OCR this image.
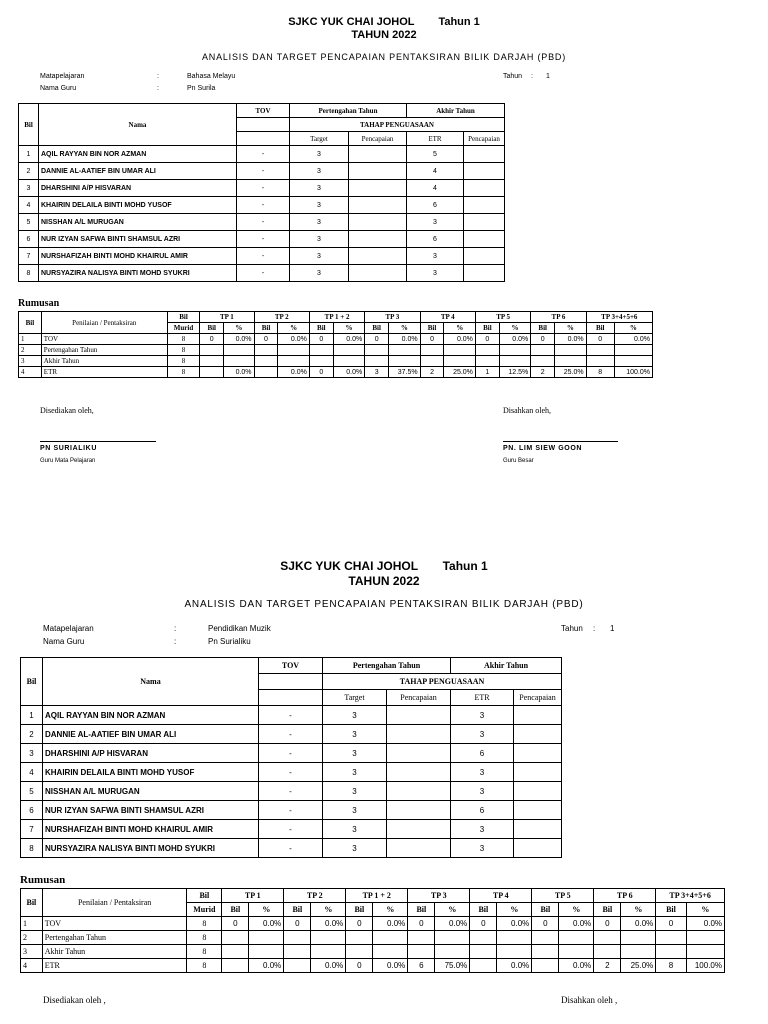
SJKC YUK CHAI JOHOL Tahun 1
TAHUN 2022
ANALISIS DAN TARGET PENCAPAIAN PENTAKSIRAN BILIK DARJAH (PBD)
Matapelajaran	:	Bahasa Melayu
Nama Guru	:	Pn Surila
Tahun : 1
Bil	Nama	TOV	Pertengahan Tahun		Akhir Tahun	
			TAHAP PENGUASAAN			
			Target	Pencapaian	ETR	Pencapaian
1	AQIL RAYYAN BIN NOR AZMAN	-	3		5	
2	DANNIE AL-AATIEF BIN UMAR ALI	-	3		4	
3	DHARSHINI A/P HISVARAN	-	3		4	
4	KHAIRIN DELAILA BINTI MOHD YUSOF	-	3		6	
5	NISSHAN A/L MURUGAN	-	3		3	
6	NUR IZYAN SAFWA BINTI SHAMSUL AZRI	-	3		6	
7	NURSHAFIZAH BINTI MOHD KHAIRUL AMIR	-	3		3	
8	NURSYAZIRA NALISYA BINTI MOHD SYUKRI	-	3		3	
Rumusan
Bil	Penilaian / Pentaksiran	Bil	TP 1		TP 2		TP 1 + 2		TP 3		TP 4		TP 5		TP 6		TP 3+4+5+6	
		Murid	Bil	%	Bil	%	Bil	%	Bil	%	Bil	%	Bil	%	Bil	%	Bil	%
1	TOV	8	0	0.0%	0	0.0%	0	0.0%	0	0.0%	0	0.0%	0	0.0%	0	0.0%	0	0.0%
2	Pertengahan Tahun	8																
3	Akhir Tahun	8																
4	ETR	8		0.0%		0.0%	0	0.0%	3	37.5%	2	25.0%	1	12.5%	2	25.0%	8	100.0%
Disediakan oleh,	Disahkan oleh,
PN SURIALIKU
Guru Mata Pelajaran
PN. LIM SIEW GOON
Guru Besar
SJKC YUK CHAI JOHOL Tahun 1
TAHUN 2022
ANALISIS DAN TARGET PENCAPAIAN PENTAKSIRAN BILIK DARJAH (PBD)
Matapelajaran	:	Pendidikan Muzik
Nama Guru	:	Pn Surialiku
Tahun : 1
Bil	Nama	TOV	Pertengahan Tahun		Akhir Tahun	
			TAHAP PENGUASAAN			
			Target	Pencapaian	ETR	Pencapaian
1	AQIL RAYYAN BIN NOR AZMAN	-	3		3	
2	DANNIE AL-AATIEF BIN UMAR ALI	-	3		3	
3	DHARSHINI A/P HISVARAN	-	3		6	
4	KHAIRIN DELAILA BINTI MOHD YUSOF	-	3		3	
5	NISSHAN A/L MURUGAN	-	3		3	
6	NUR IZYAN SAFWA BINTI SHAMSUL AZRI	-	3		6	
7	NURSHAFIZAH BINTI MOHD KHAIRUL AMIR	-	3		3	
8	NURSYAZIRA NALISYA BINTI MOHD SYUKRI	-	3		3	
Rumusan
Bil	Penilaian / Pentaksiran	Bil	TP 1		TP 2		TP 1 + 2		TP 3		TP 4		TP 5		TP 6		TP 3+4+5+6	
		Murid	Bil	%	Bil	%	Bil	%	Bil	%	Bil	%	Bil	%	Bil	%	Bil	%
1	TOV	8	0	0.0%	0	0.0%	0	0.0%	0	0.0%	0	0.0%	0	0.0%	0	0.0%	0	0.0%
2	Pertengahan Tahun	8																
3	Akhir Tahun	8																
4	ETR	8		0.0%		0.0%	0	0.0%	6	75.0%		0.0%		0.0%	2	25.0%	8	100.0%
Disediakan oleh ,	Disahkan oleh ,
